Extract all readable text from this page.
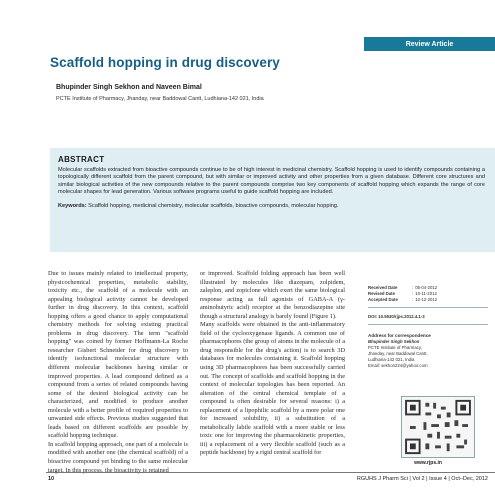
Review Article
Scaffold hopping in drug discovery
Bhupinder Singh Sekhon and Naveen Bimal
PCTE Institute of Pharmacy, Jhanday, near Baddowal Cantt, Ludhiana-142 021, India
ABSTRACT

Molecular scaffolds extracted from bioactive compounds continue to be of high interest in medicinal chemistry. Scaffold hopping is used to identify compounds containing a topologically different scaffold from the parent compound, but with similar or improved activity and other properties from a given database. Different core structures and similar biological activities of the new compounds relative to the parent compounds comprise two key components of scaffold hopping which expands the range of core molecular shapes for lead generation. Various software programs useful to guide scaffold hopping are included.

Keywords: Scaffold hopping, medicinal chemistry, molecular scaffolds, bioactive compounds, molecular hopping.

Due to issues mainly related to intellectual property, physicochemical properties, metabolic stability, toxicity etc., the scaffold of a molecule with an appealing biological activity cannot be developed further in drug discovery. In this context, scaffold hopping offers a good chance to apply computational chemistry methods for solving existing practical problems in drug discovery. The term "scaffold hopping" was coined by former Hoffmann-La Roche researcher Gisbert Schneider for drug discovery to identify isofunctional molecular structure with different molecular backbones having similar or improved properties. A lead compound defined as a compound from a series of related compounds having some of the desired biological activity can be characterized, and modified to produce another molecule with a better profile of required properties to unwanted side effects. Previous studies suggested that leads based on different scaffolds are possible by scaffold hopping technique.

In scaffold hopping approach, one part of a molecule is modified with another one (the chemical scaffold) of a bioactive compound yet binding to the same molecular target. In this process, the bioactivity is retained

or improved. Scaffold folding approach has been well illustrated by molecules like diazepam, zolpidem, zaleplon, and zopiclone which exert the same biological response acting as full agonists of GABA-A (γ-aminobutyric acid) receptor at the benzodiazepine site though a structural analogy is barely found (Figure 1).

Many scaffolds were obtained in the anti-inflammatory field of the cyclooxygenase ligands. A common use of pharmacophores (the group of atoms in the molecule of a drug responsible for the drug's action) is to search 3D databases for molecules containing it. Scaffold hopping using 3D pharmacophores has been successfully carried out. The concept of scaffolds and scaffold hopping in the context of molecular topologies has been reported. An alteration of the central chemical template of a compound is often desirable for several reasons: i) a replacement of a lipophilic scaffold by a more polar one for increased solubility, ii) a substitution of a metabolically labile scaffold with a more stable or less toxic one for improving the pharmacokinetic properties, iii) a replacement of a very flexible scaffold (such as a peptide backbone) by a rigid central scaffold for

Received Date	: 05-04-2012
Revised Date	: 10-11-2012
Accepted Date	: 10-12-2012
DOI: 10.5530/rjps.2012.4.1-3
Address for correspondence
Bhupinder Singh Sekhon
PCTE Institute of Pharmacy,
Jhanday, near Baddowal Cantt,
Ludhiana-142 021, India
Email: sekhon224@yahoo.com
www.rjps.in
10	RGUHS J Pharm Sci | Vol 2 | Issue 4 | Oct–Dec, 2012
